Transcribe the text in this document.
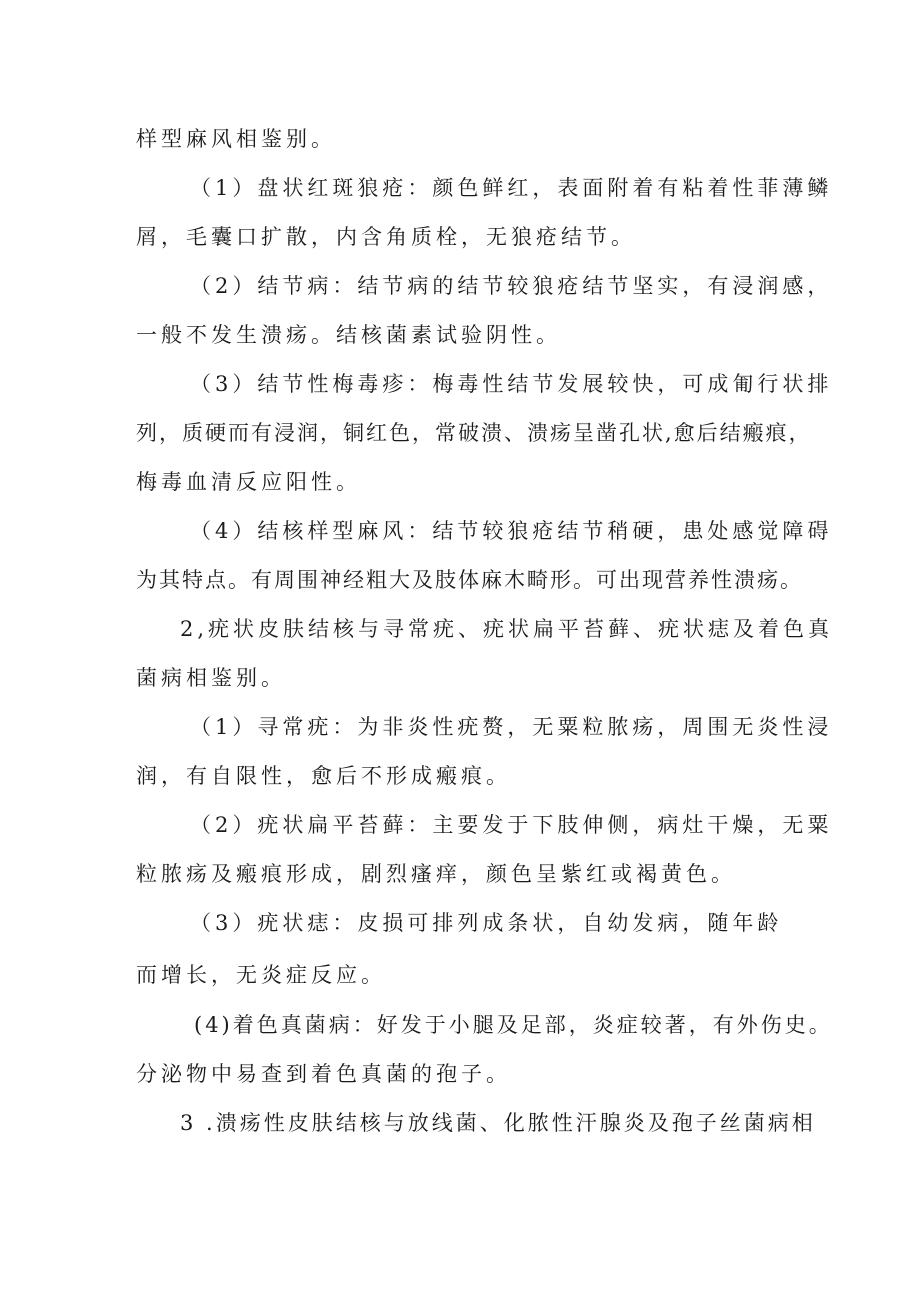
样型麻风相鉴别。
（1）盘状红斑狼疮：颜色鲜红，表面附着有粘着性菲薄鳞
屑，毛囊口扩散，内含角质栓，无狼疮结节。
（2）结节病：结节病的结节较狼疮结节坚实，有浸润感，
一般不发生溃疡。结核菌素试验阴性。
（3）结节性梅毒疹：梅毒性结节发展较快，可成匍行状排
列，质硬而有浸润，铜红色，常破溃、溃疡呈凿孔状,愈后结瘢痕，
梅毒血清反应阳性。
（4）结核样型麻风：结节较狼疮结节稍硬，患处感觉障碍
为其特点。有周围神经粗大及肢体麻木畸形。可出现营养性溃疡。
2,疣状皮肤结核与寻常疣、疣状扁平苔藓、疣状痣及着色真
菌病相鉴别。
（1）寻常疣：为非炎性疣赘，无粟粒脓疡，周围无炎性浸
润，有自限性，愈后不形成瘢痕。
（2）疣状扁平苔藓：主要发于下肢伸侧，病灶干燥，无粟
粒脓疡及瘢痕形成，剧烈瘙痒，颜色呈紫红或褐黄色。
（3）疣状痣：皮损可排列成条状，自幼发病，随年龄
而增长，无炎症反应。
(4)着色真菌病：好发于小腿及足部，炎症较著，有外伤史。
分泌物中易查到着色真菌的孢子。
3 .溃疡性皮肤结核与放线菌、化脓性汗腺炎及孢子丝菌病相
